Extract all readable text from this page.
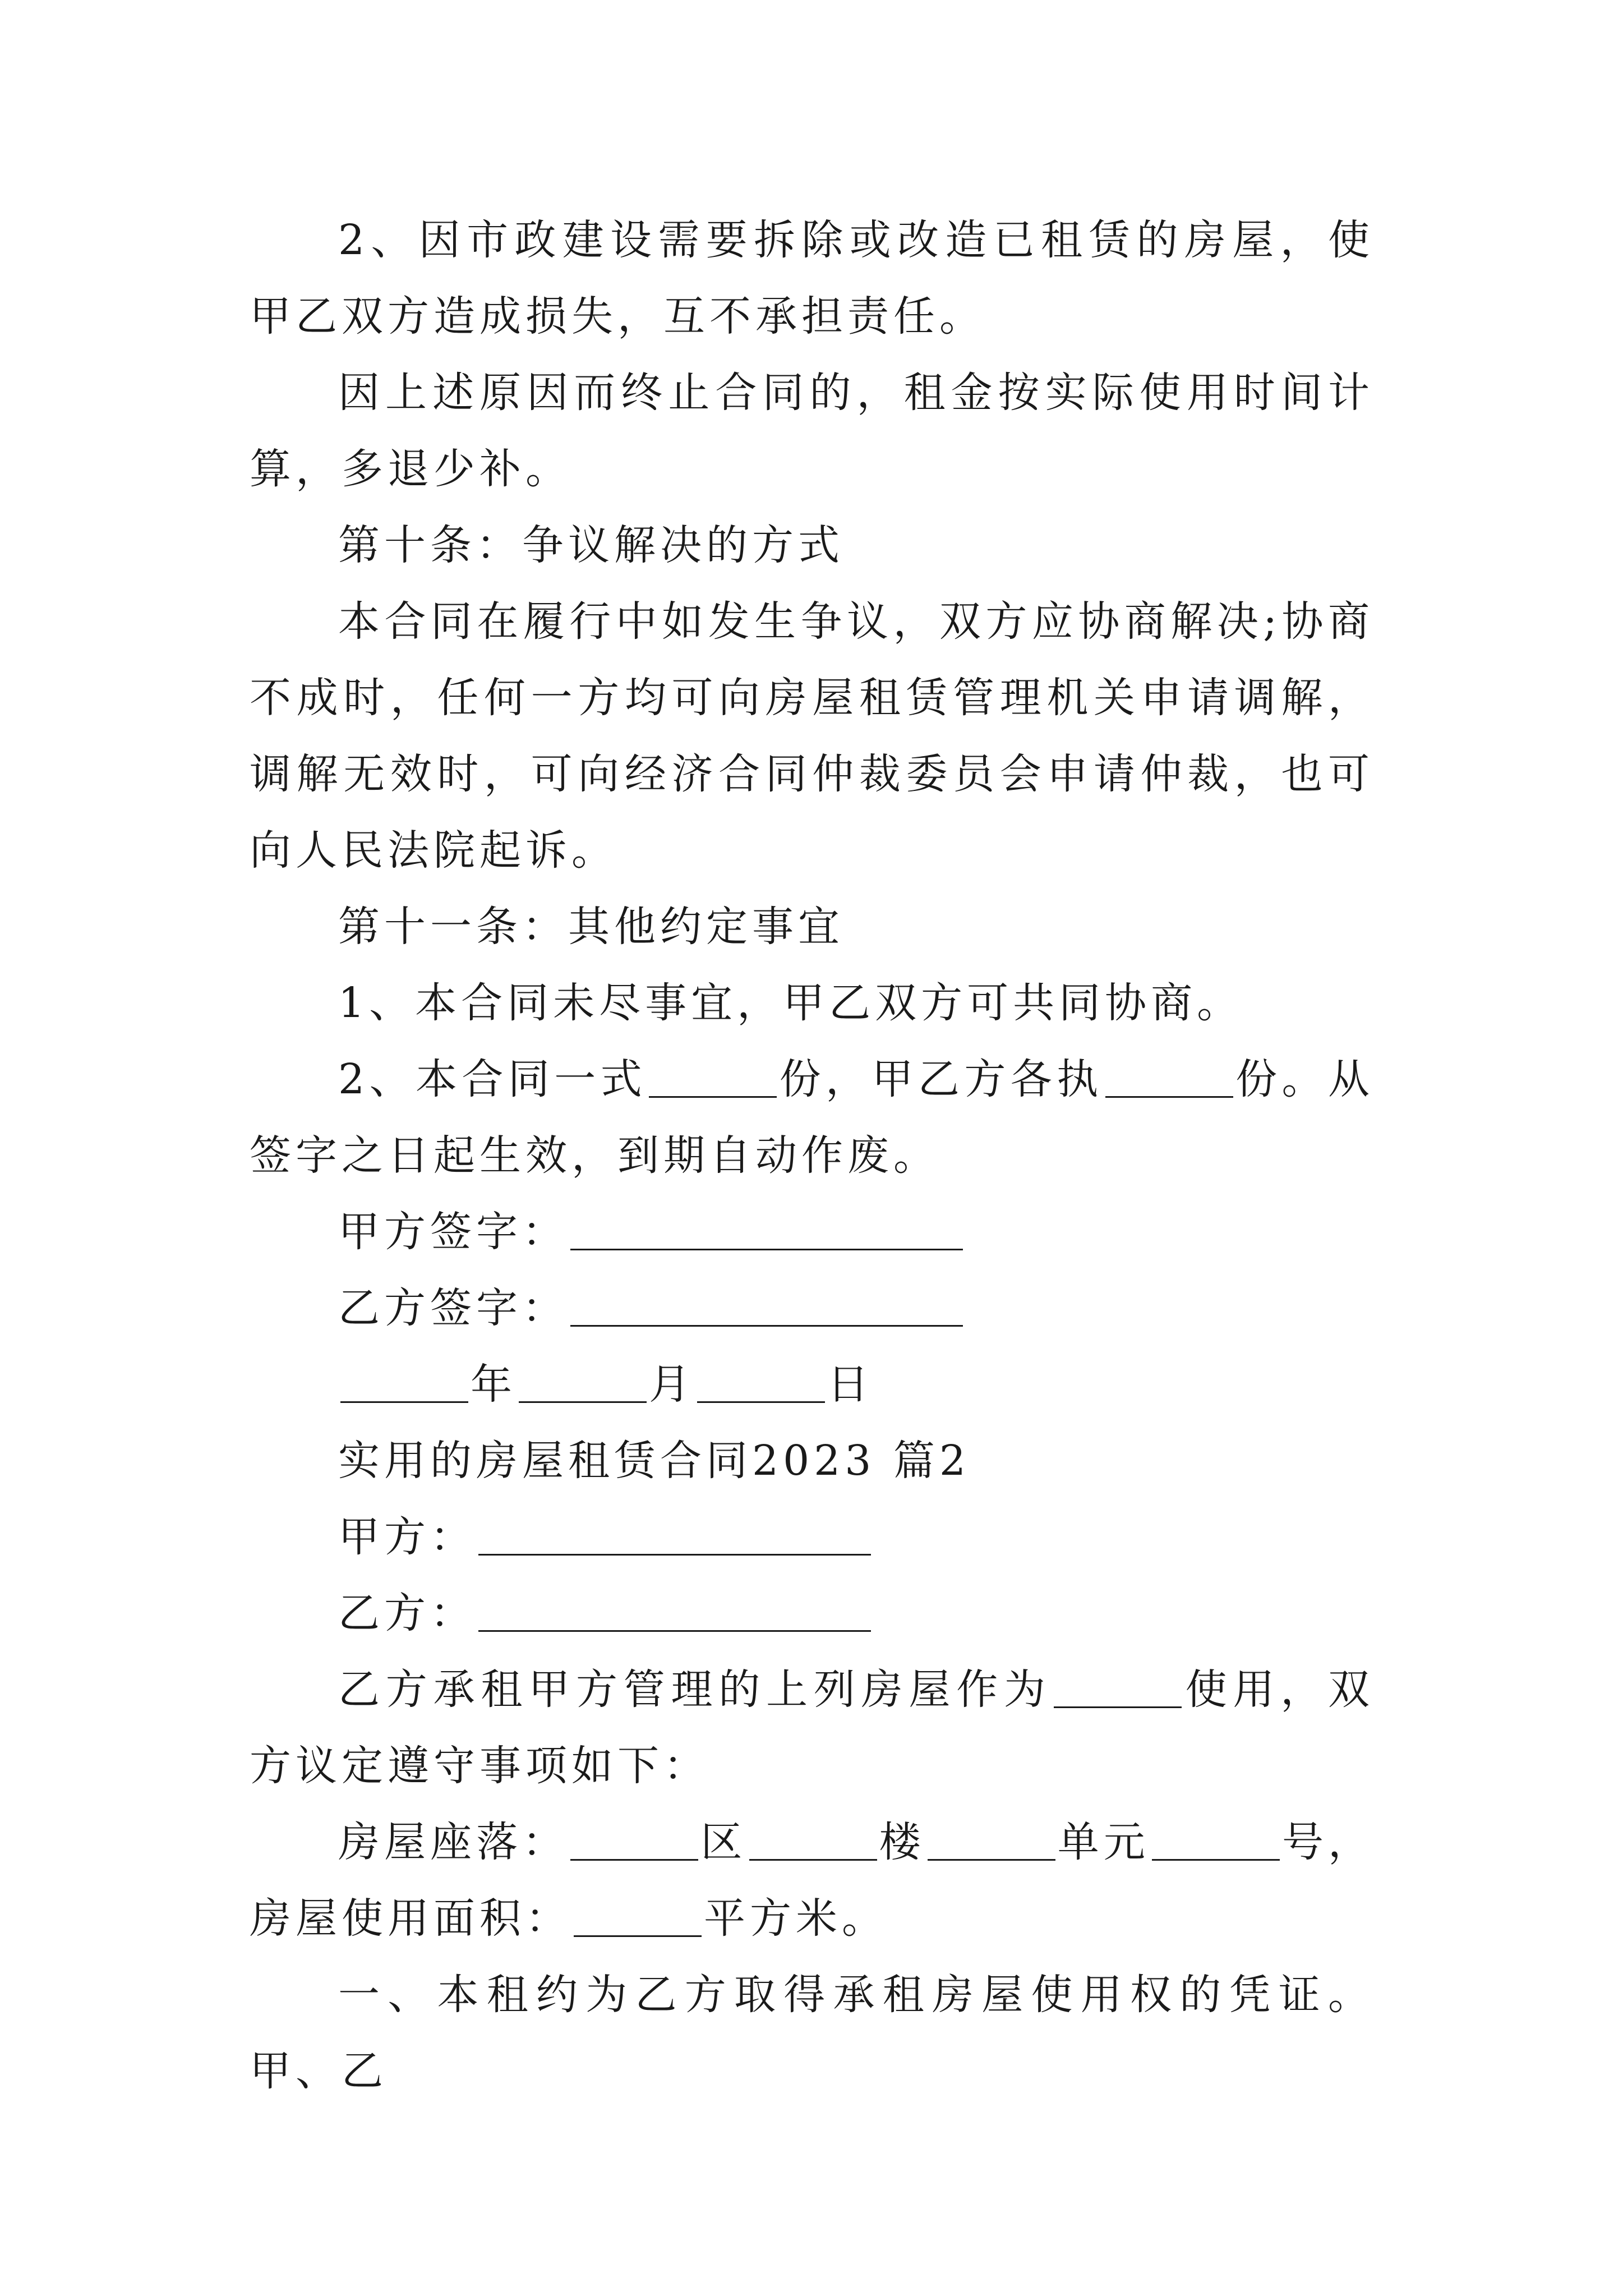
2、因市政建设需要拆除或改造已租赁的房屋，使甲乙双方造成损失，互不承担责任。

因上述原因而终止合同的，租金按实际使用时间计算，多退少补。

第十条：争议解决的方式

本合同在履行中如发生争议，双方应协商解决;协商不成时，任何一方均可向房屋租赁管理机关申请调解，调解无效时，可向经济合同仲裁委员会申请仲裁，也可向人民法院起诉。

第十一条：其他约定事宜

1、本合同未尽事宜，甲乙双方可共同协商。

2、本合同一式	份，甲乙方各执	份。从签字之日起生效，到期自动作废。

甲方签字：

乙方签字：

年	月	日

实用的房屋租赁合同2023 篇2

甲方：

乙方：

乙方承租甲方管理的上列房屋作为	使用，双方议定遵守事项如下：

房屋座落：	区	楼	单元	号，房屋使用面积：	平方米。

一、本租约为乙方取得承租房屋使用权的凭证。甲、乙
